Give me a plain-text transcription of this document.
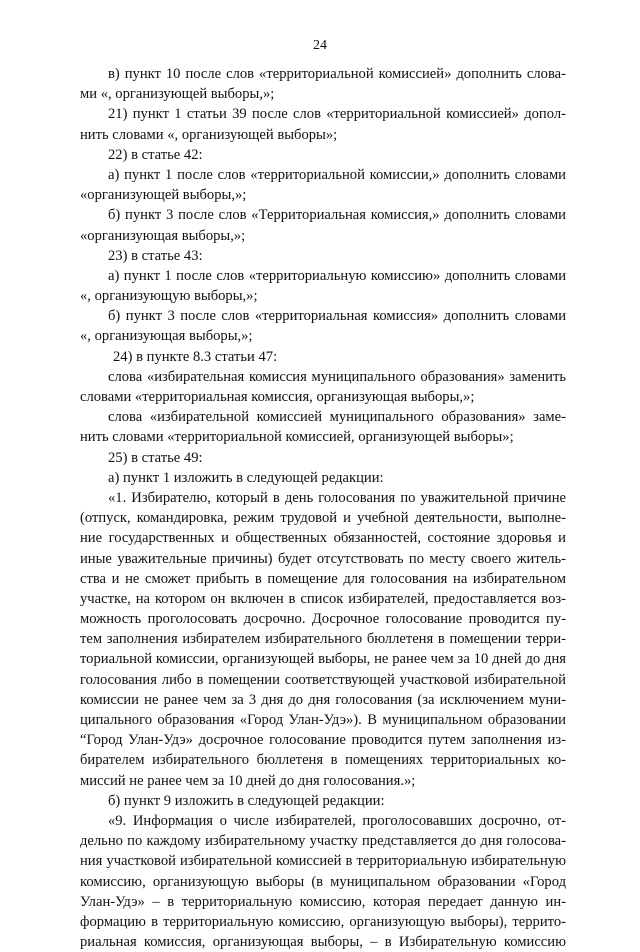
24
в) пункт 10 после слов «территориальной комиссией» дополнить слова-
ми «, организующей выборы,»;
21) пункт 1 статьи 39 после слов «территориальной комиссией» допол-
нить словами «, организующей выборы»;
22) в статье 42:
а) пункт 1 после слов «территориальной комиссии,» дополнить словами
«организующей выборы,»;
б) пункт 3 после слов «Территориальная комиссия,» дополнить словами
«организующая выборы,»;
23) в статье 43:
а) пункт 1 после слов «территориальную комиссию» дополнить словами
«, организующую выборы,»;
б) пункт 3 после слов «территориальная комиссия» дополнить словами
«, организующая выборы,»;
24) в пункте 8.3 статьи 47:
слова «избирательная комиссия муниципального образования» заменить
словами «территориальная комиссия, организующая выборы,»;
слова «избирательной комиссией муниципального образования» заме-
нить словами «территориальной комиссией, организующей выборы»;
25) в статье 49:
а) пункт 1 изложить в следующей редакции:
«1. Избирателю, который в день голосования по уважительной причине
(отпуск, командировка, режим трудовой и учебной деятельности, выполне-
ние государственных и общественных обязанностей, состояние здоровья и
иные уважительные причины) будет отсутствовать по месту своего житель-
ства и не сможет прибыть в помещение для голосования на избирательном
участке, на котором он включен в список избирателей, предоставляется воз-
можность проголосовать досрочно. Досрочное голосование проводится пу-
тем заполнения избирателем избирательного бюллетеня в помещении терри-
ториальной комиссии, организующей выборы, не ранее чем за 10 дней до дня
голосования либо в помещении соответствующей участковой избирательной
комиссии не ранее чем за 3 дня до дня голосования (за исключением муни-
ципального образования «Город Улан-Удэ»). В муниципальном образовании
“Город Улан-Удэ» досрочное голосование проводится путем заполнения из-
бирателем избирательного бюллетеня в помещениях территориальных ко-
миссий не ранее чем за 10 дней до дня голосования.»;
б) пункт 9 изложить в следующей редакции:
«9. Информация о числе избирателей, проголосовавших досрочно, от-
дельно по каждому избирательному участку представляется до дня голосова-
ния участковой избирательной комиссией в территориальную избирательную
комиссию, организующую выборы (в муниципальном образовании «Город
Улан-Удэ» – в территориальную комиссию, которая передает данную ин-
формацию в территориальную комиссию, организующую выборы), террито-
риальная комиссия, организующая выборы, – в Избирательную комиссию
